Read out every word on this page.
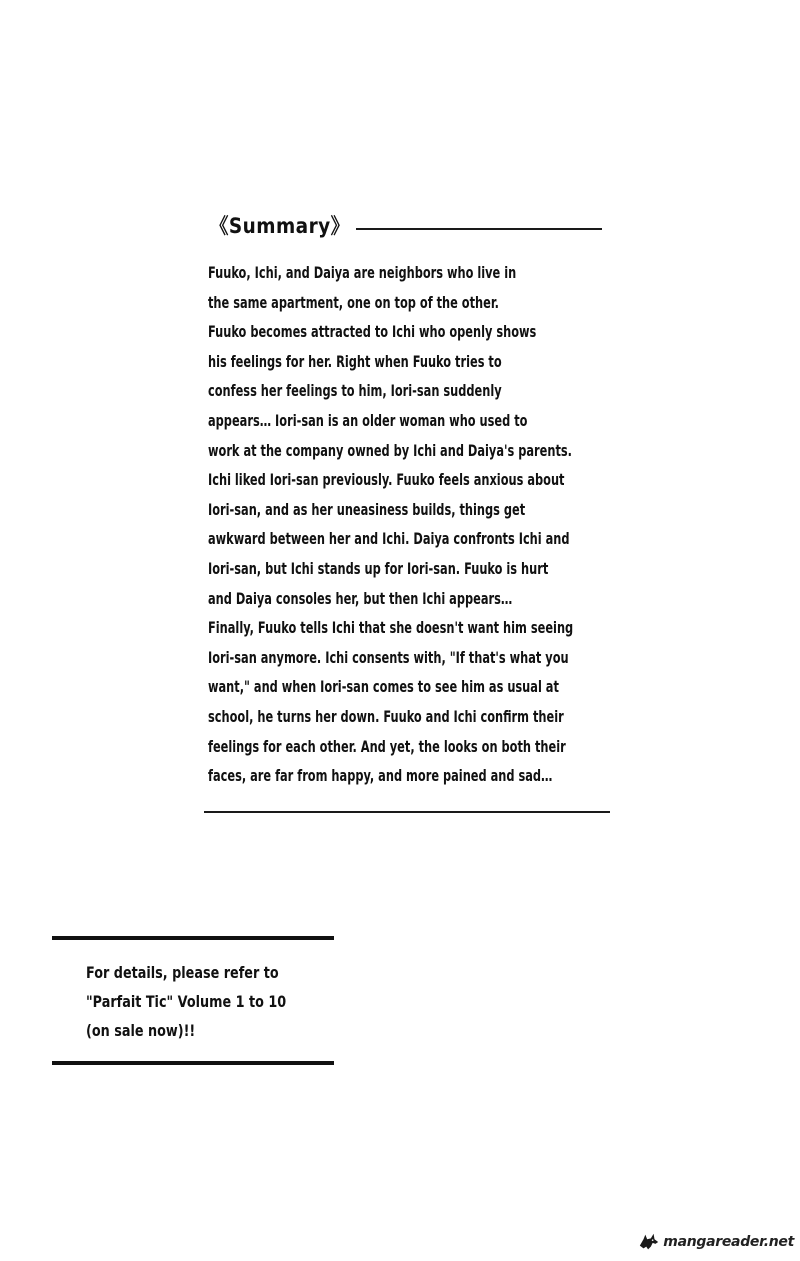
《Summary》
Fuuko, Ichi, and Daiya are neighbors who live in
the same apartment, one on top of the other.
Fuuko becomes attracted to Ichi who openly shows
his feelings for her. Right when Fuuko tries to
confess her feelings to him, Iori-san suddenly
appears… Iori-san is an older woman who used to
work at the company owned by Ichi and Daiya's parents.
Ichi liked Iori-san previously. Fuuko feels anxious about
Iori-san, and as her uneasiness builds, things get
awkward between her and Ichi. Daiya confronts Ichi and
Iori-san, but Ichi stands up for Iori-san. Fuuko is hurt
and Daiya consoles her, but then Ichi appears…
Finally, Fuuko tells Ichi that she doesn't want him seeing
Iori-san anymore. Ichi consents with, "If that's what you
want," and when Iori-san comes to see him as usual at
school, he turns her down. Fuuko and Ichi confirm their
feelings for each other. And yet, the looks on both their
faces, are far from happy, and more pained and sad…
For details, please refer to
"Parfait Tic" Volume 1 to 10
(on sale now)!!
mangareader.net
